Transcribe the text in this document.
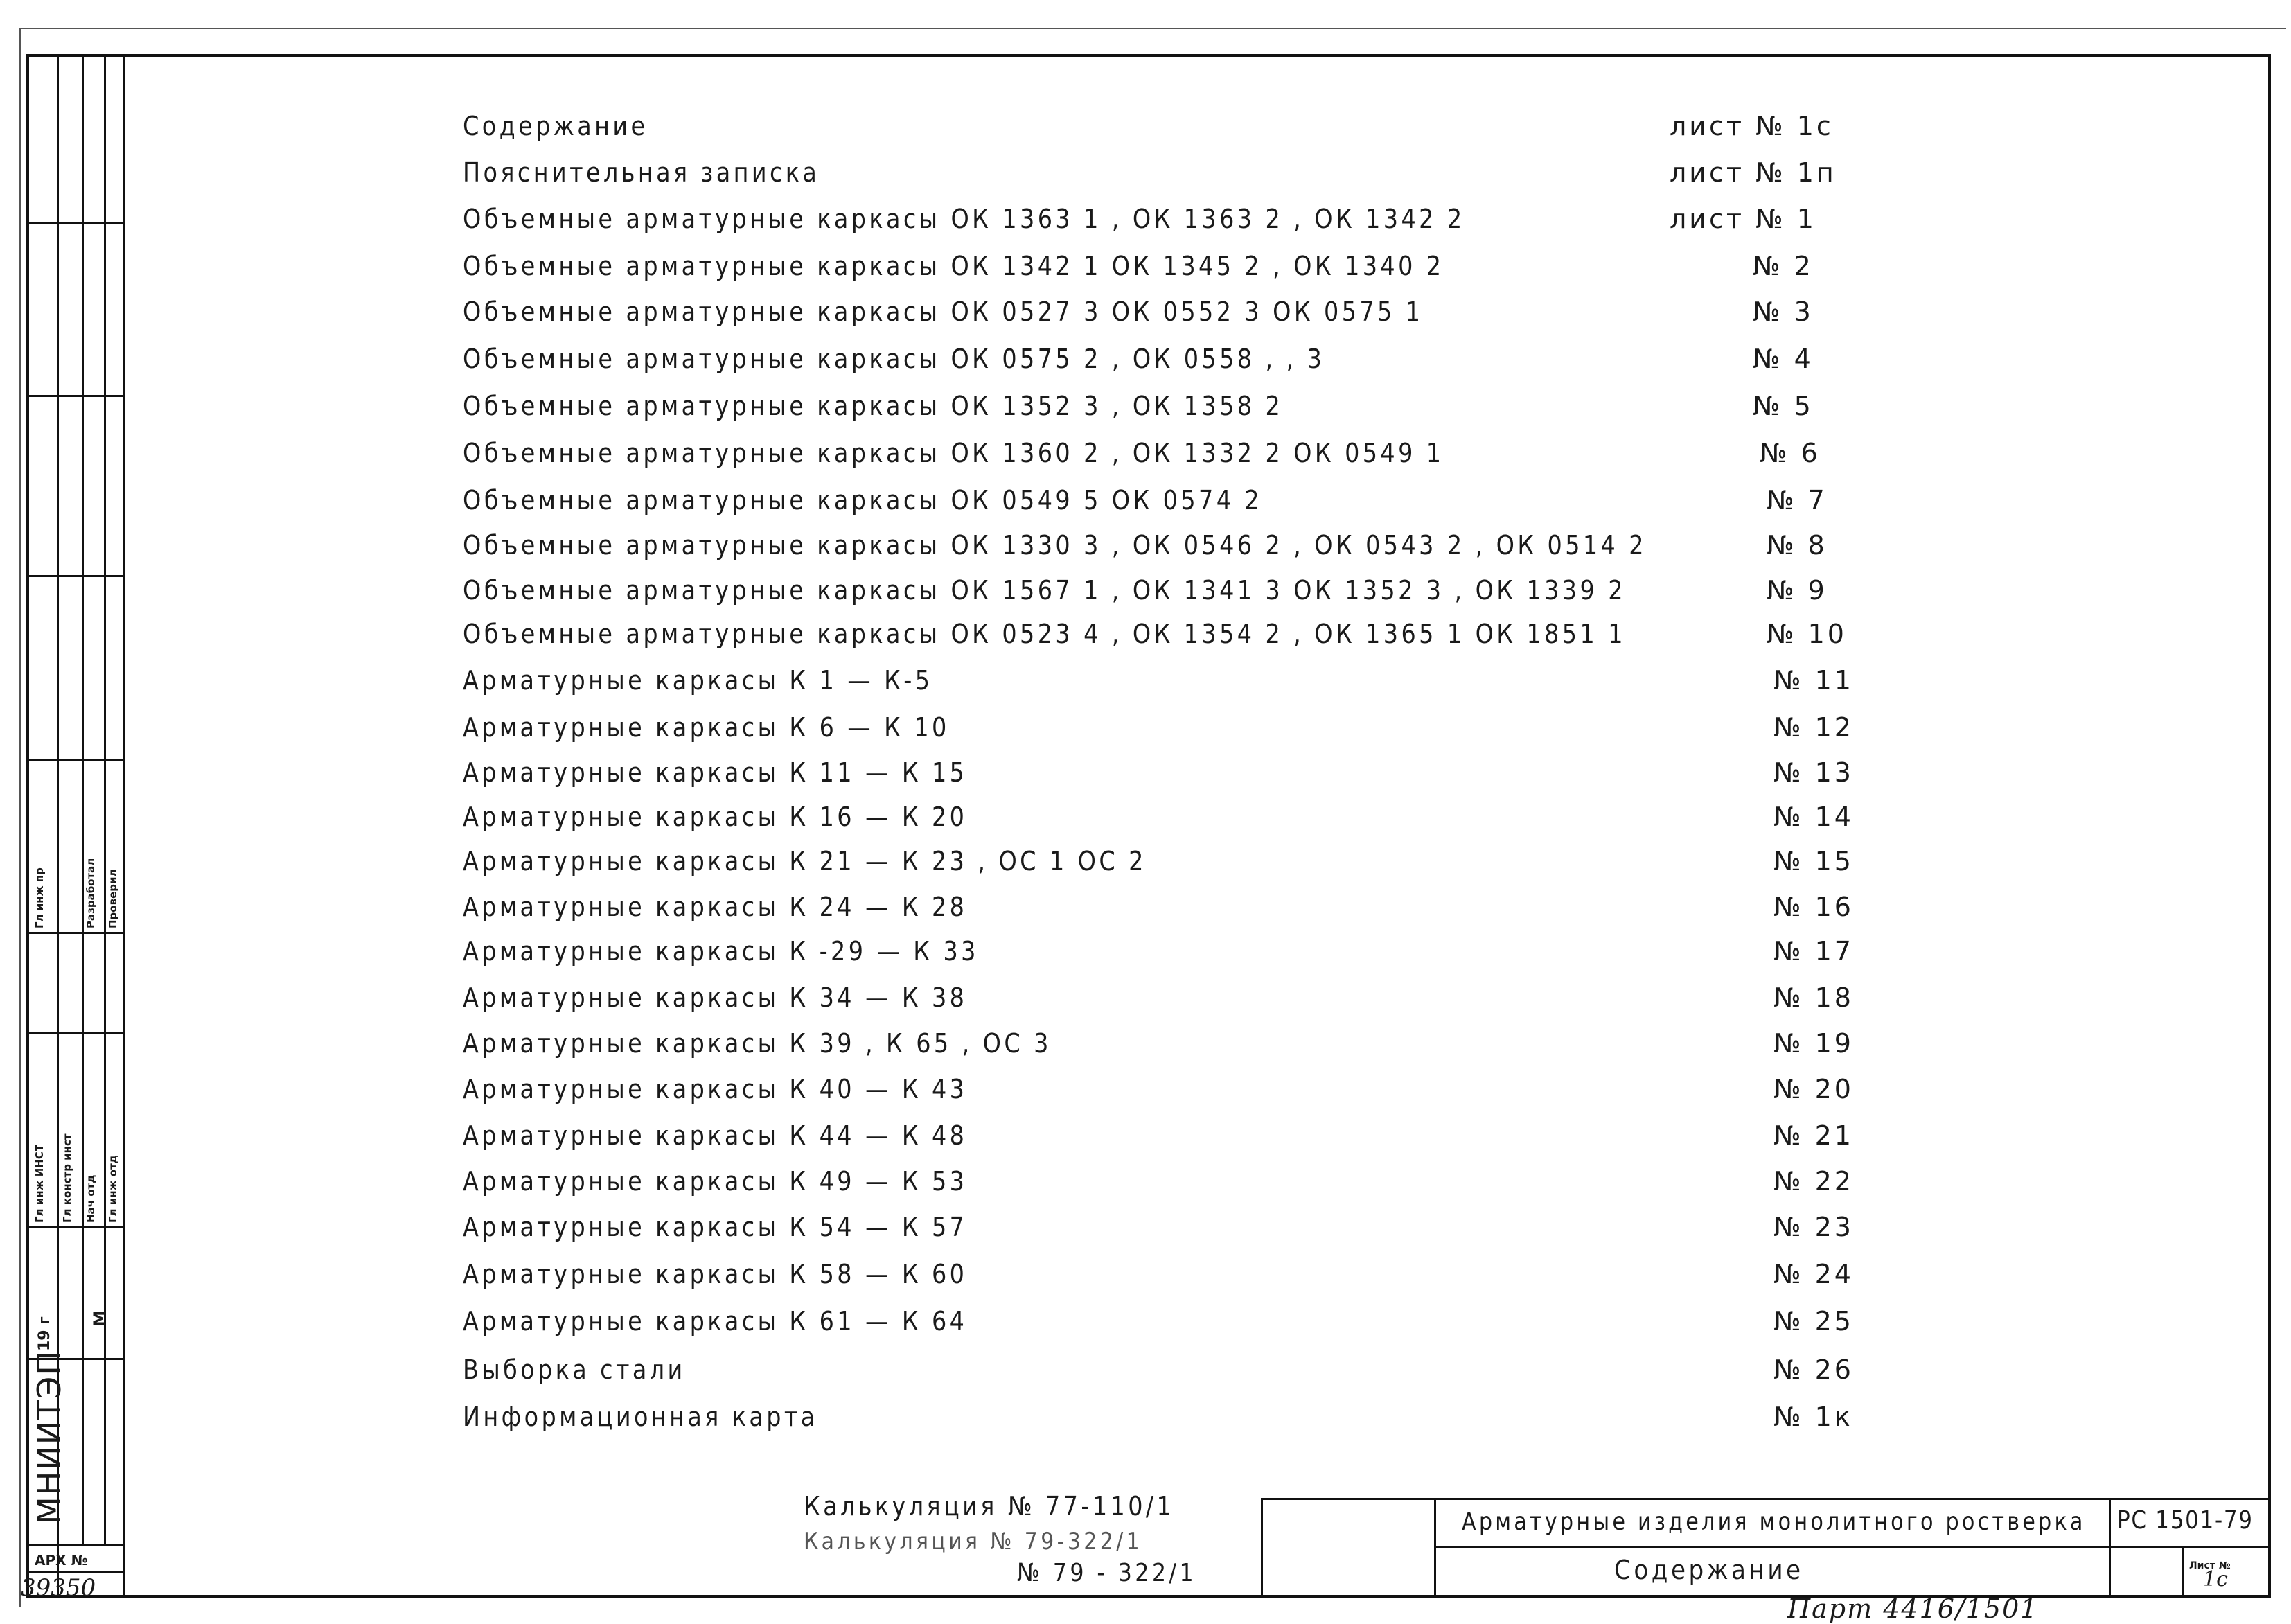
Гл инж ИНСТ Гл констр инст Нач отд Гл инж отд
Гл инж пр	Разработал Проверил
19 г М
МНИИТЭП
АРХ №
39350
Содержание	лист № 1с
Пояснительная записка	лист № 1п
Объемные арматурные каркасы ОК 1363 1 , ОК 1363 2 , ОК 1342 2	лист № 1
Объемные арматурные каркасы ОК 1342 1 ОК 1345 2 , ОК 1340 2	№ 2
Объемные арматурные каркасы ОК 0527 3 ОК 0552 3 ОК 0575 1	№ 3
Объемные арматурные каркасы ОК 0575 2 , ОК 0558 , , 3	№ 4
Объемные арматурные каркасы ОК 1352 3 , ОК 1358 2	№ 5
Объемные арматурные каркасы ОК 1360 2 , ОК 1332 2 ОК 0549 1	№ 6
Объемные арматурные каркасы ОК 0549 5 ОК 0574 2	№ 7
Объемные арматурные каркасы ОК 1330 3 , ОК 0546 2 , ОК 0543 2 , ОК 0514 2	№ 8
Объемные арматурные каркасы ОК 1567 1 , ОК 1341 3 ОК 1352 3 , ОК 1339 2	№ 9
Объемные арматурные каркасы ОК 0523 4 , ОК 1354 2 , ОК 1365 1 ОК 1851 1	№ 10
Арматурные каркасы К 1 — К-5	№ 11
Арматурные каркасы К 6 — К 10	№ 12
Арматурные каркасы К 11 — К 15	№ 13
Арматурные каркасы К 16 — К 20	№ 14
Арматурные каркасы К 21 — К 23 , ОС 1 ОС 2	№ 15
Арматурные каркасы К 24 — К 28	№ 16
Арматурные каркасы К -29 — К 33	№ 17
Арматурные каркасы К 34 — К 38	№ 18
Арматурные каркасы К 39 , К 65 , ОС 3	№ 19
Арматурные каркасы К 40 — К 43	№ 20
Арматурные каркасы К 44 — К 48	№ 21
Арматурные каркасы К 49 — К 53	№ 22
Арматурные каркасы К 54 — К 57	№ 23
Арматурные каркасы К 58 — К 60	№ 24
Арматурные каркасы К 61 — К 64	№ 25
Выборка стали	№ 26
Информационная карта	№ 1к
Калькуляция № 77-110/1
Калькуляция № 79-322/1
№ 79 - 322/1
Арматурные изделия монолитного ростверка РС 1501-79
Содержание	Лист №
1с
Парт 4416/1501
